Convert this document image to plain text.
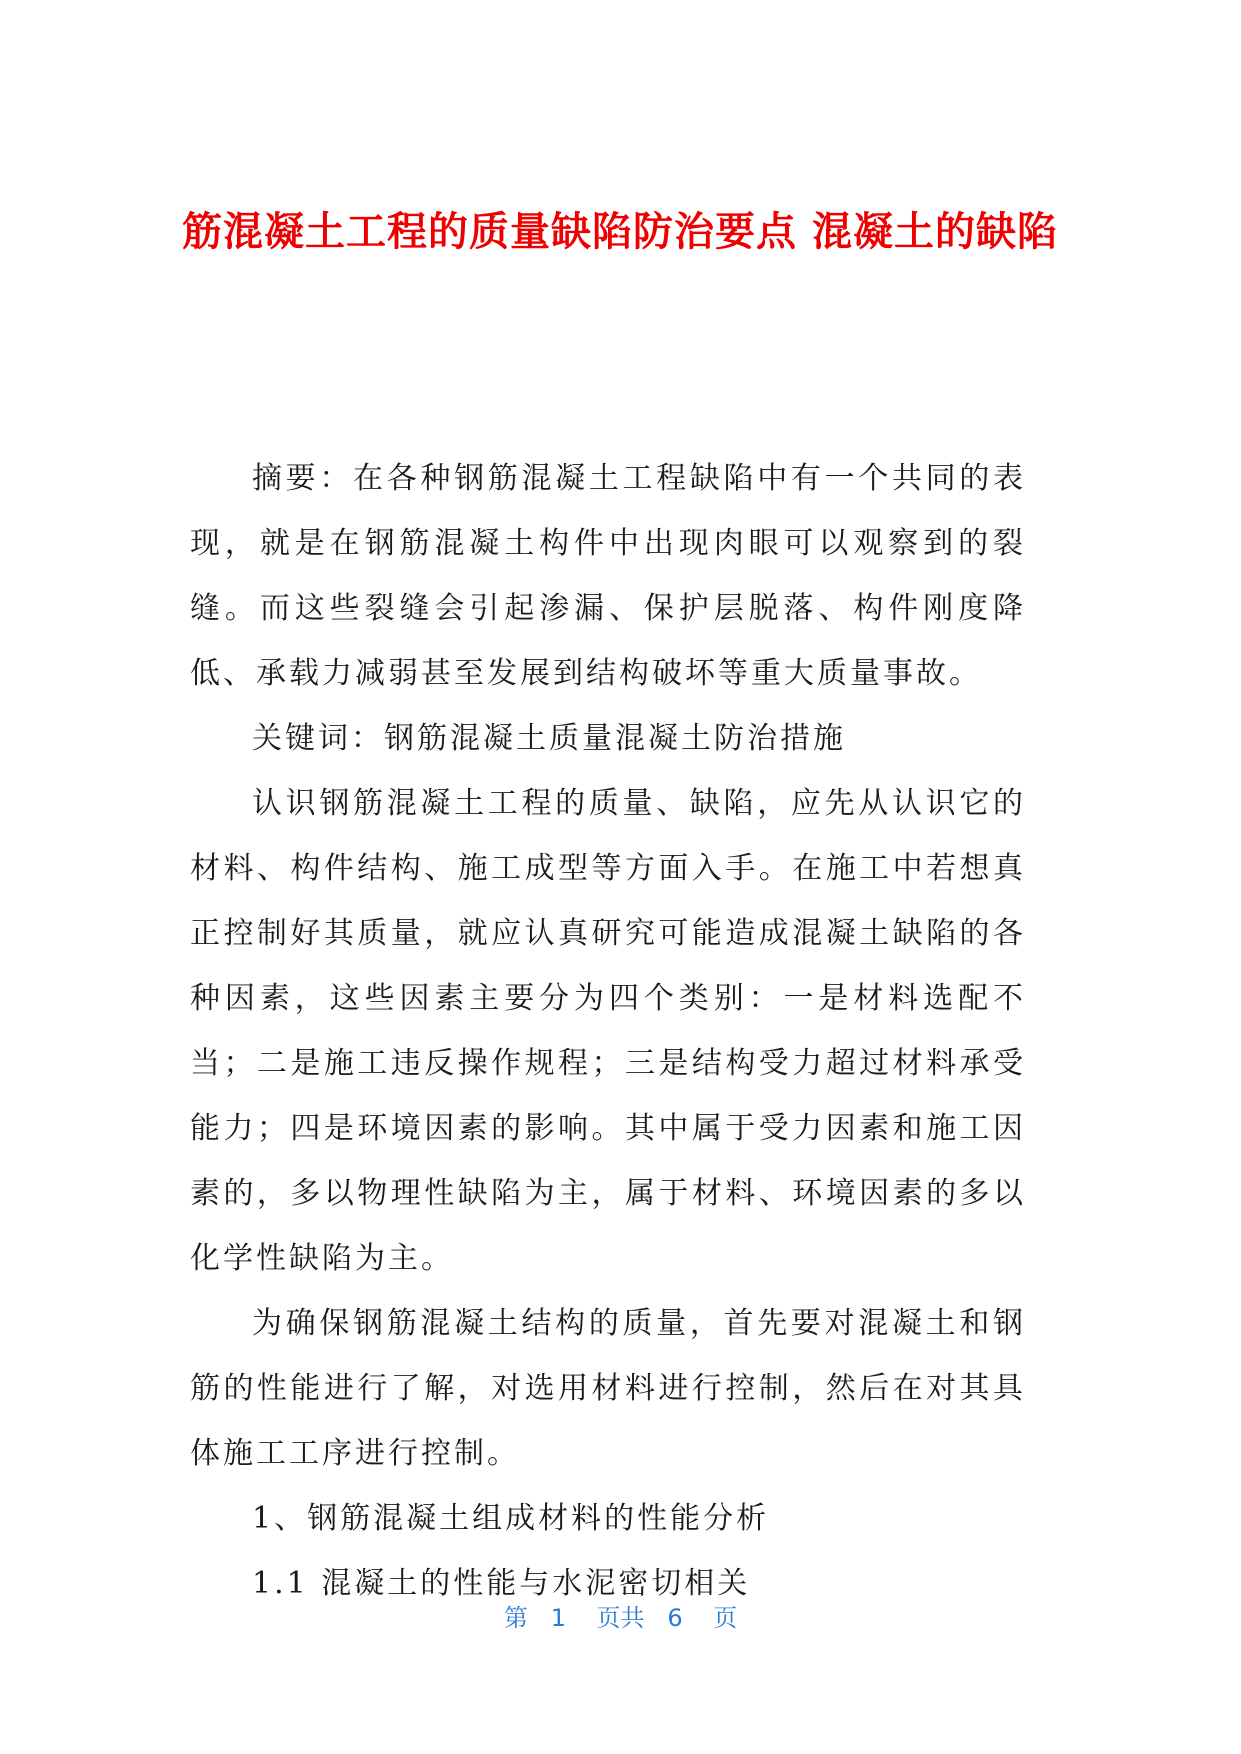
筋混凝土工程的质量缺陷防治要点 混凝土的缺陷

摘要：在各种钢筋混凝土工程缺陷中有一个共同的表现，就是在钢筋混凝土构件中出现肉眼可以观察到的裂缝。而这些裂缝会引起渗漏、保护层脱落、构件刚度降低、承载力减弱甚至发展到结构破坏等重大质量事故。

关键词：钢筋混凝土质量混凝土防治措施

认识钢筋混凝土工程的质量、缺陷，应先从认识它的材料、构件结构、施工成型等方面入手。在施工中若想真正控制好其质量，就应认真研究可能造成混凝土缺陷的各种因素，这些因素主要分为四个类别：一是材料选配不当；二是施工违反操作规程；三是结构受力超过材料承受能力；四是环境因素的影响。其中属于受力因素和施工因素的，多以物理性缺陷为主，属于材料、环境因素的多以化学性缺陷为主。

为确保钢筋混凝土结构的质量，首先要对混凝土和钢筋的性能进行了解，对选用材料进行控制，然后在对其具体施工工序进行控制。

1、钢筋混凝土组成材料的性能分析

1.1 混凝土的性能与水泥密切相关

第 1 页共 6 页
